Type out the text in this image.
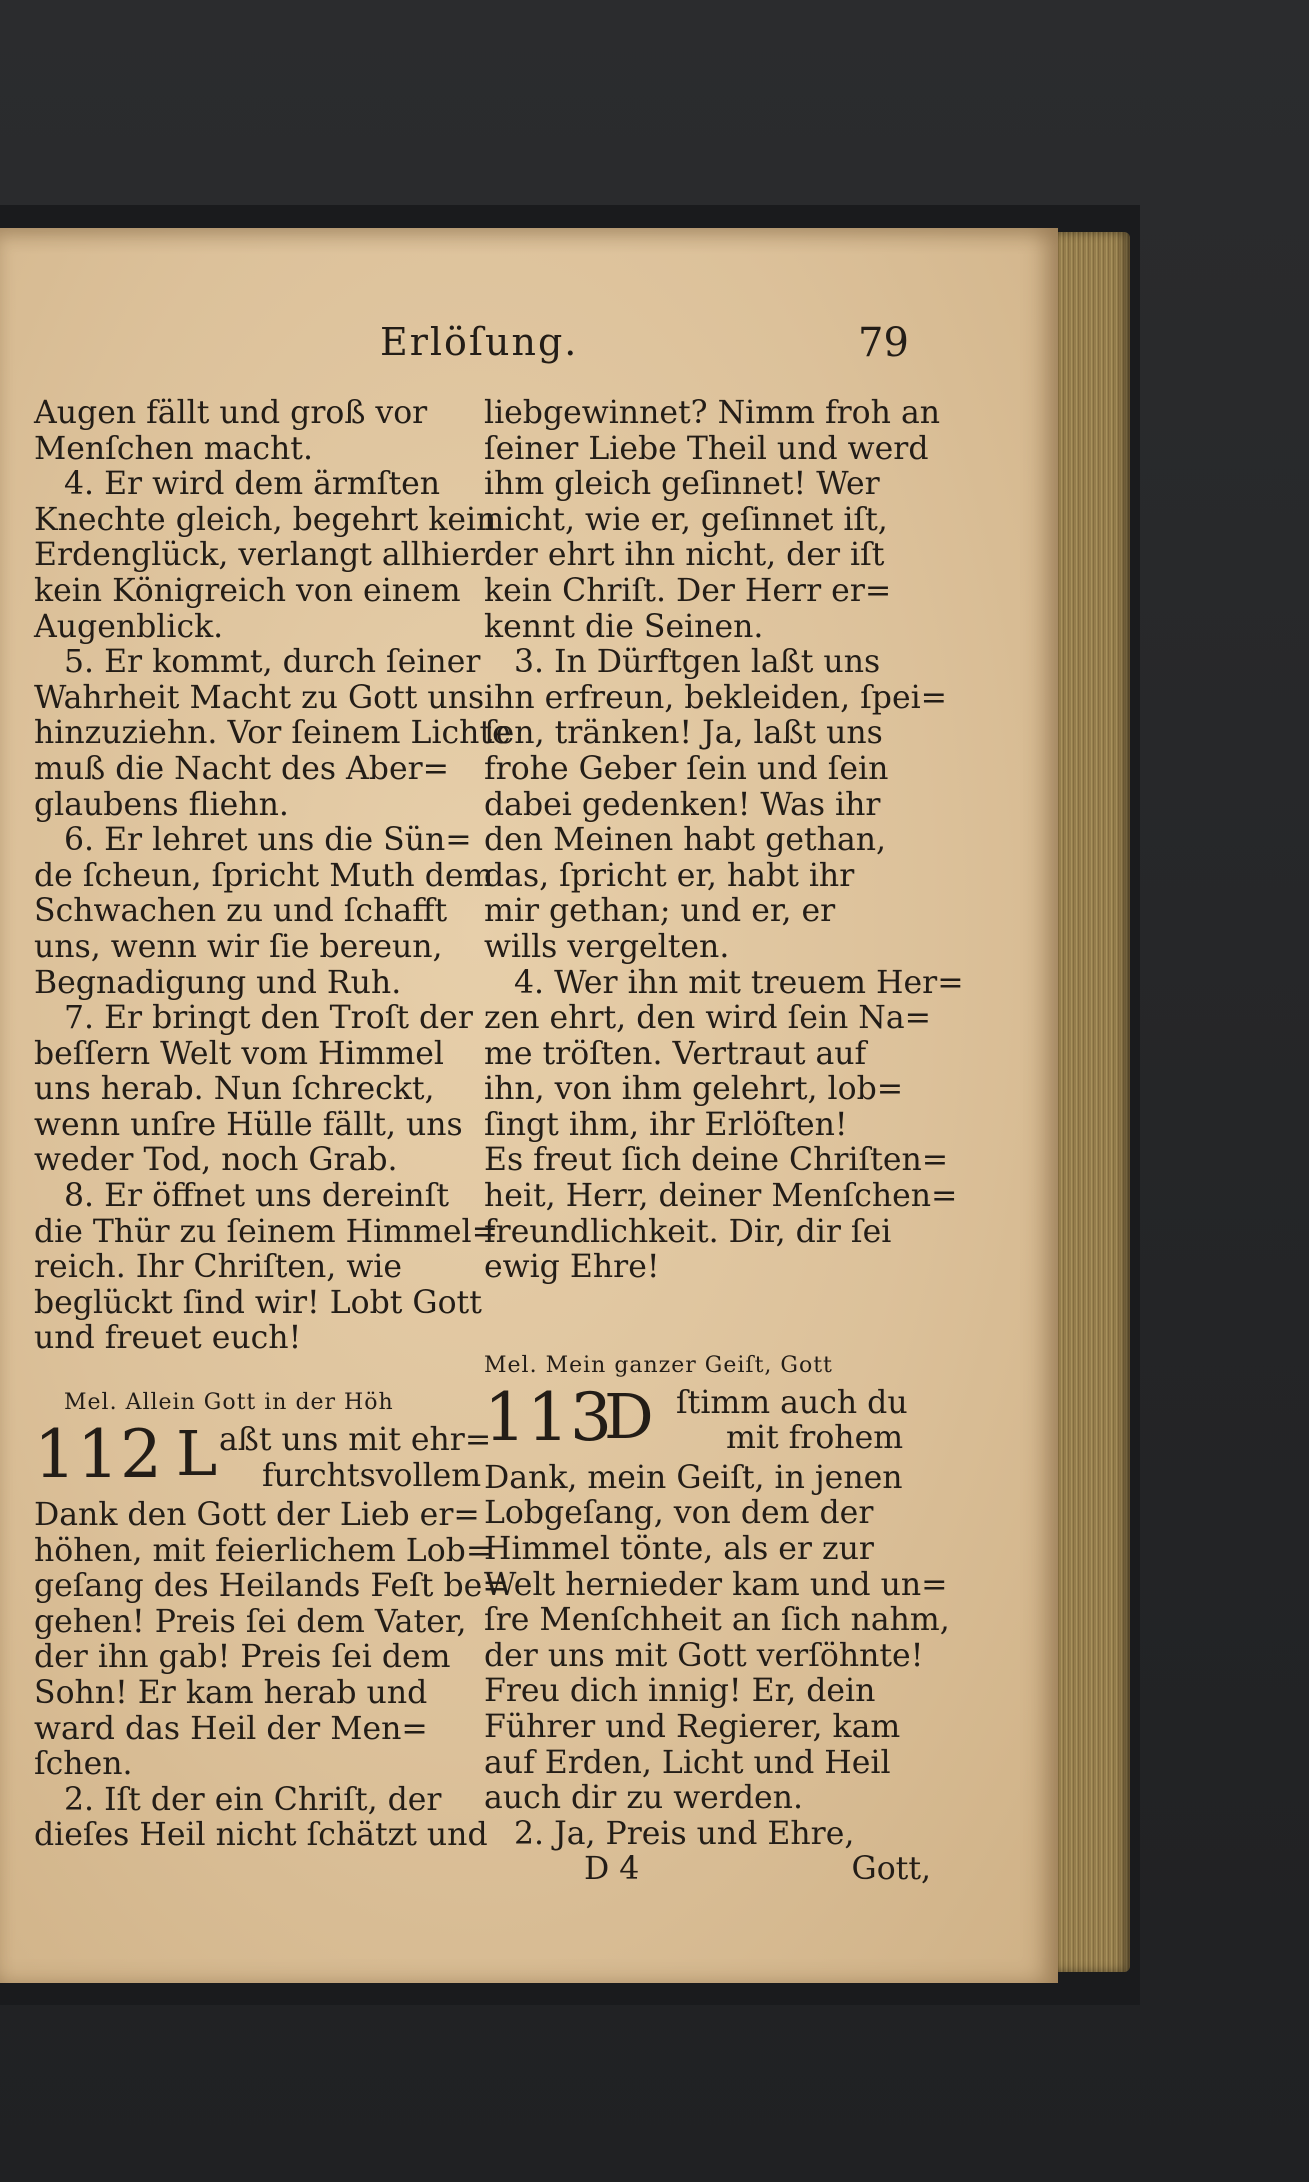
Erlöſung.	79
Augen fällt und groß vor
Menſchen macht.
4. Er wird dem ärmſten
Knechte gleich, begehrt kein
Erdenglück, verlangt allhier
kein Königreich von einem
Augenblick.
5. Er kommt, durch ſeiner
Wahrheit Macht zu Gott uns
hinzuziehn. Vor ſeinem Lichte
muß die Nacht des Aber=
glaubens fliehn.
6. Er lehret uns die Sün=
de ſcheun, ſpricht Muth dem
Schwachen zu und ſchafft
uns, wenn wir ſie bereun,
Begnadigung und Ruh.
7. Er bringt den Troſt der
beſſern Welt vom Himmel
uns herab. Nun ſchreckt,
wenn unſre Hülle fällt, uns
weder Tod, noch Grab.
8. Er öffnet uns dereinſt
die Thür zu ſeinem Himmel=
reich. Ihr Chriſten, wie
beglückt ſind wir! Lobt Gott
und freuet euch!
Mel. Allein Gott in der Höh
112 L aßt uns mit ehr=
furchtsvollem
Dank den Gott der Lieb er=
höhen, mit feierlichem Lob=
geſang des Heilands Feſt be=
gehen! Preis ſei dem Vater,
der ihn gab! Preis ſei dem
Sohn! Er kam herab und
ward das Heil der Men=
ſchen.
2. Iſt der ein Chriſt, der
dieſes Heil nicht ſchätzt und
liebgewinnet? Nimm froh an
ſeiner Liebe Theil und werd
ihm gleich geſinnet! Wer
nicht, wie er, geſinnet iſt,
der ehrt ihn nicht, der iſt
kein Chriſt. Der Herr er=
kennt die Seinen.
3. In Dürftgen laßt uns
ihn erfreun, bekleiden, ſpei=
ſen, tränken! Ja, laßt uns
frohe Geber ſein und ſein
dabei gedenken! Was ihr
den Meinen habt gethan,
das, ſpricht er, habt ihr
mir gethan; und er, er
wills vergelten.
4. Wer ihn mit treuem Her=
zen ehrt, den wird ſein Na=
me tröſten. Vertraut auf
ihn, von ihm gelehrt, lob=
ſingt ihm, ihr Erlöſten!
Es freut ſich deine Chriſten=
heit, Herr, deiner Menſchen=
freundlichkeit. Dir, dir ſei
ewig Ehre!
Mel. Mein ganzer Geiſt, Gott
113
D ſtimm auch du
mit frohem
Dank, mein Geiſt, in jenen
Lobgeſang, von dem der
Himmel tönte, als er zur
Welt hernieder kam und un=
ſre Menſchheit an ſich nahm,
der uns mit Gott verſöhnte!
Freu dich innig! Er, dein
Führer und Regierer, kam
auf Erden, Licht und Heil
auch dir zu werden.
2. Ja, Preis und Ehre,
D 4	Gott,
